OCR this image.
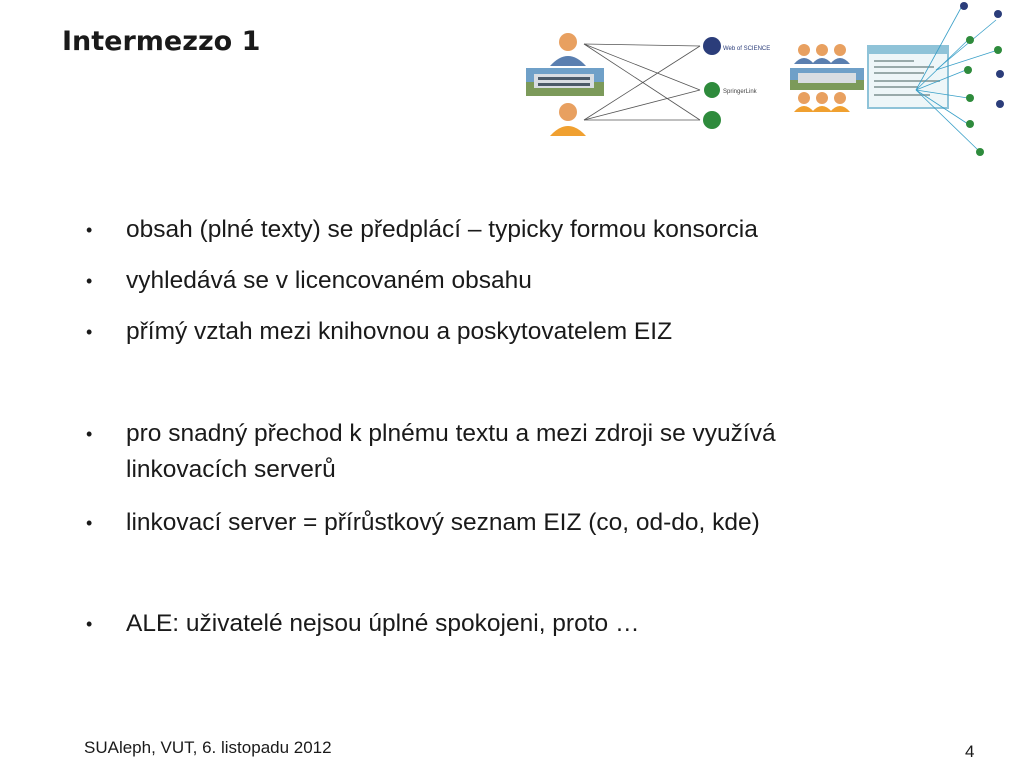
Intermezzo 1	Web of SCIENCE
SpringerLink
•	obsah (plné texty) se předplácí – typicky formou konsorcia
•	vyhledává se v licencovaném obsahu
•	přímý vztah mezi knihovnou a poskytovatelem EIZ
•	pro snadný přechod k plnému textu a mezi zdroji se využívá linkovacích serverů
•	linkovací server = přírůstkový seznam EIZ (co, od-do, kde)
•	ALE: uživatelé nejsou úplné spokojeni, proto …
SUAleph, VUT, 6. listopadu 2012	4
